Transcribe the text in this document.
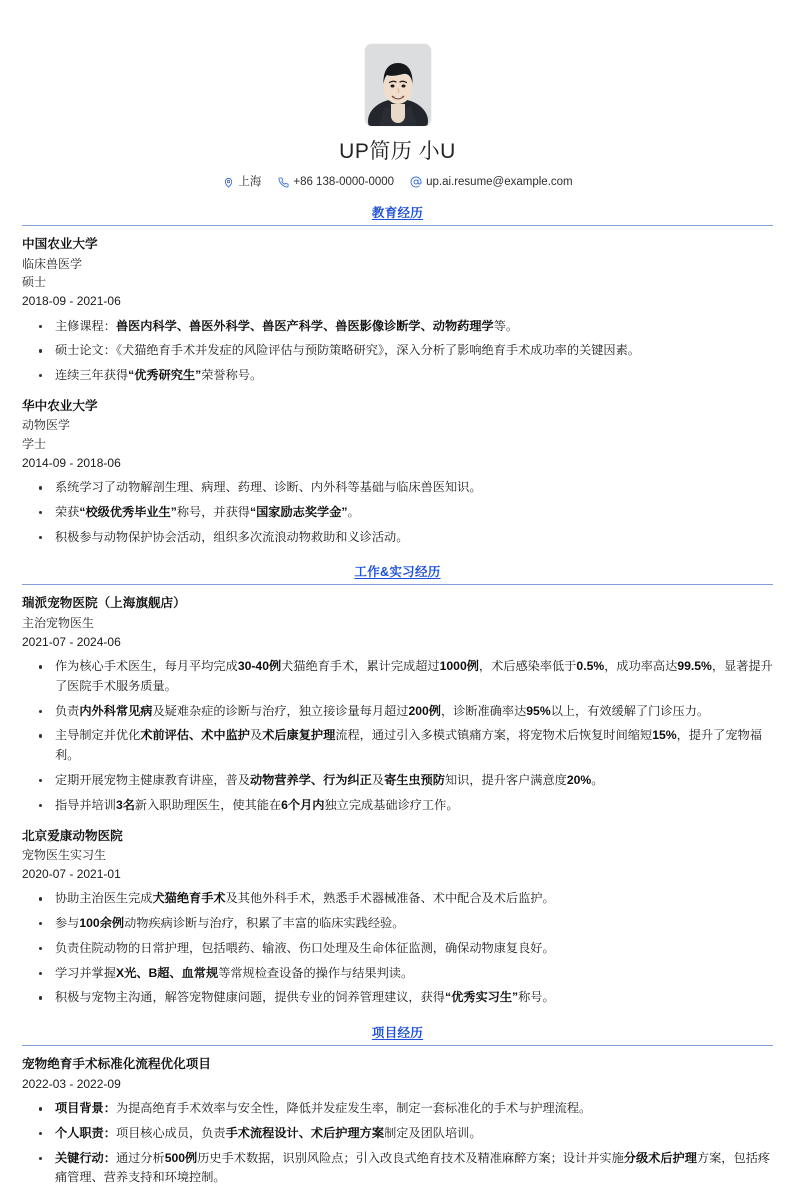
UP简历 小U
上海	+86 138-0000-0000	up.ai.resume@example.com
教育经历
中国农业大学
临床兽医学
硕士
2018-09 - 2021-06
主修课程：兽医内科学、兽医外科学、兽医产科学、兽医影像诊断学、动物药理学等。
硕士论文：《犬猫绝育手术并发症的风险评估与预防策略研究》，深入分析了影响绝育手术成功率的关键因素。
连续三年获得“优秀研究生”荣誉称号。
华中农业大学
动物医学
学士
2014-09 - 2018-06
系统学习了动物解剖生理、病理、药理、诊断、内外科等基础与临床兽医知识。
荣获“校级优秀毕业生”称号，并获得“国家励志奖学金”。
积极参与动物保护协会活动，组织多次流浪动物救助和义诊活动。
工作&实习经历
瑞派宠物医院（上海旗舰店）
主治宠物医生
2021-07 - 2024-06
作为核心手术医生，每月平均完成30-40例犬猫绝育手术，累计完成超过1000例，术后感染率低于0.5%，成功率高达99.5%，显著提升了医院手术服务质量。
负责内外科常见病及疑难杂症的诊断与治疗，独立接诊量每月超过200例，诊断准确率达95%以上，有效缓解了门诊压力。
主导制定并优化术前评估、术中监护及术后康复护理流程，通过引入多模式镇痛方案，将宠物术后恢复时间缩短15%，提升了宠物福利。
定期开展宠物主健康教育讲座，普及动物营养学、行为纠正及寄生虫预防知识，提升客户满意度20%。
指导并培训3名新入职助理医生，使其能在6个月内独立完成基础诊疗工作。
北京爱康动物医院
宠物医生实习生
2020-07 - 2021-01
协助主治医生完成犬猫绝育手术及其他外科手术，熟悉手术器械准备、术中配合及术后监护。
参与100余例动物疾病诊断与治疗，积累了丰富的临床实践经验。
负责住院动物的日常护理，包括喂药、输液、伤口处理及生命体征监测，确保动物康复良好。
学习并掌握X光、B超、血常规等常规检查设备的操作与结果判读。
积极与宠物主沟通，解答宠物健康问题，提供专业的饲养管理建议，获得“优秀实习生”称号。
项目经历
宠物绝育手术标准化流程优化项目
2022-03 - 2022-09
项目背景：为提高绝育手术效率与安全性，降低并发症发生率，制定一套标准化的手术与护理流程。
个人职责：项目核心成员，负责手术流程设计、术后护理方案制定及团队培训。
关键行动：通过分析500例历史手术数据，识别风险点；引入改良式绝育技术及精准麻醉方案；设计并实施分级术后护理方案，包括疼痛管理、营养支持和环境控制。
